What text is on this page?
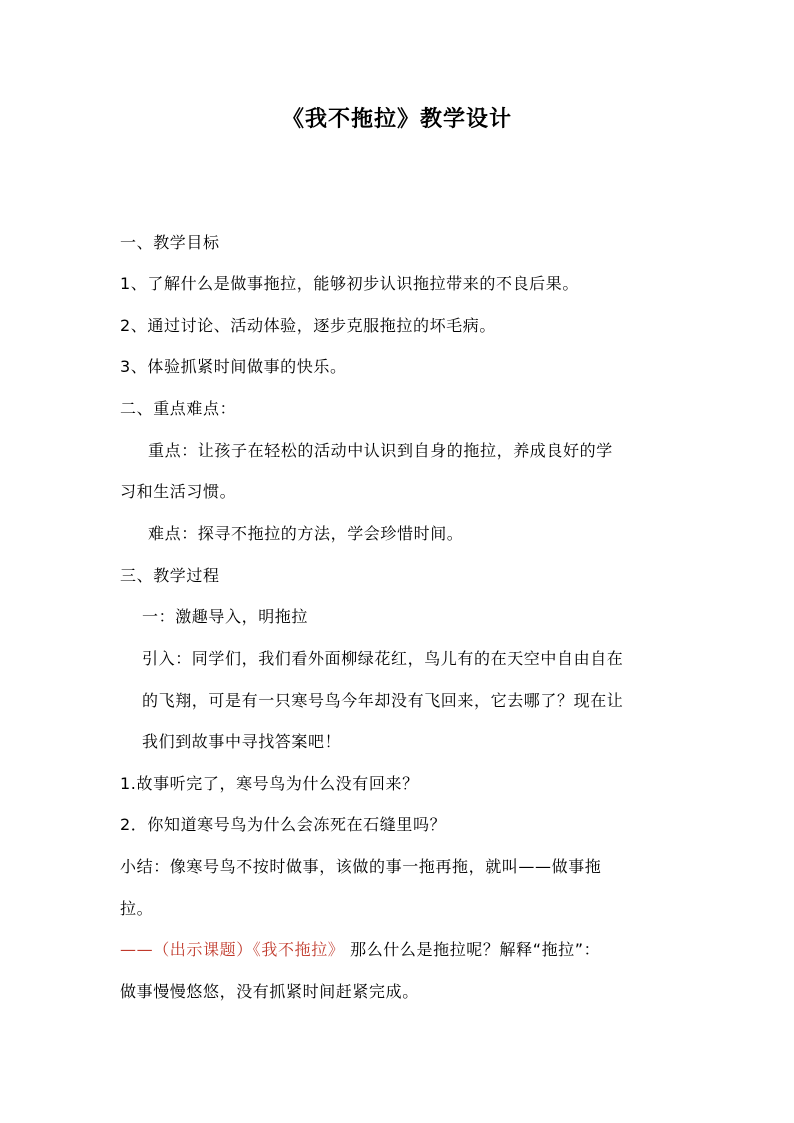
《我不拖拉》教学设计
一、教学目标
1、了解什么是做事拖拉，能够初步认识拖拉带来的不良后果。
2、通过讨论、活动体验，逐步克服拖拉的坏毛病。
3、体验抓紧时间做事的快乐。
二、重点难点：
重点：让孩子在轻松的活动中认识到自身的拖拉，养成良好的学
习和生活习惯。
难点：探寻不拖拉的方法，学会珍惜时间。
三、教学过程
一：激趣导入，明拖拉
引入：同学们，我们看外面柳绿花红，鸟儿有的在天空中自由自在
的飞翔，可是有一只寒号鸟今年却没有飞回来，它去哪了？现在让
我们到故事中寻找答案吧！
1.故事听完了，寒号鸟为什么没有回来？
2．你知道寒号鸟为什么会冻死在石缝里吗？
小结：像寒号鸟不按时做事，该做的事一拖再拖，就叫——做事拖
拉。
——（出示课题）《我不拖拉》 那么什么是拖拉呢？解释“拖拉”：
做事慢慢悠悠，没有抓紧时间赶紧完成。
